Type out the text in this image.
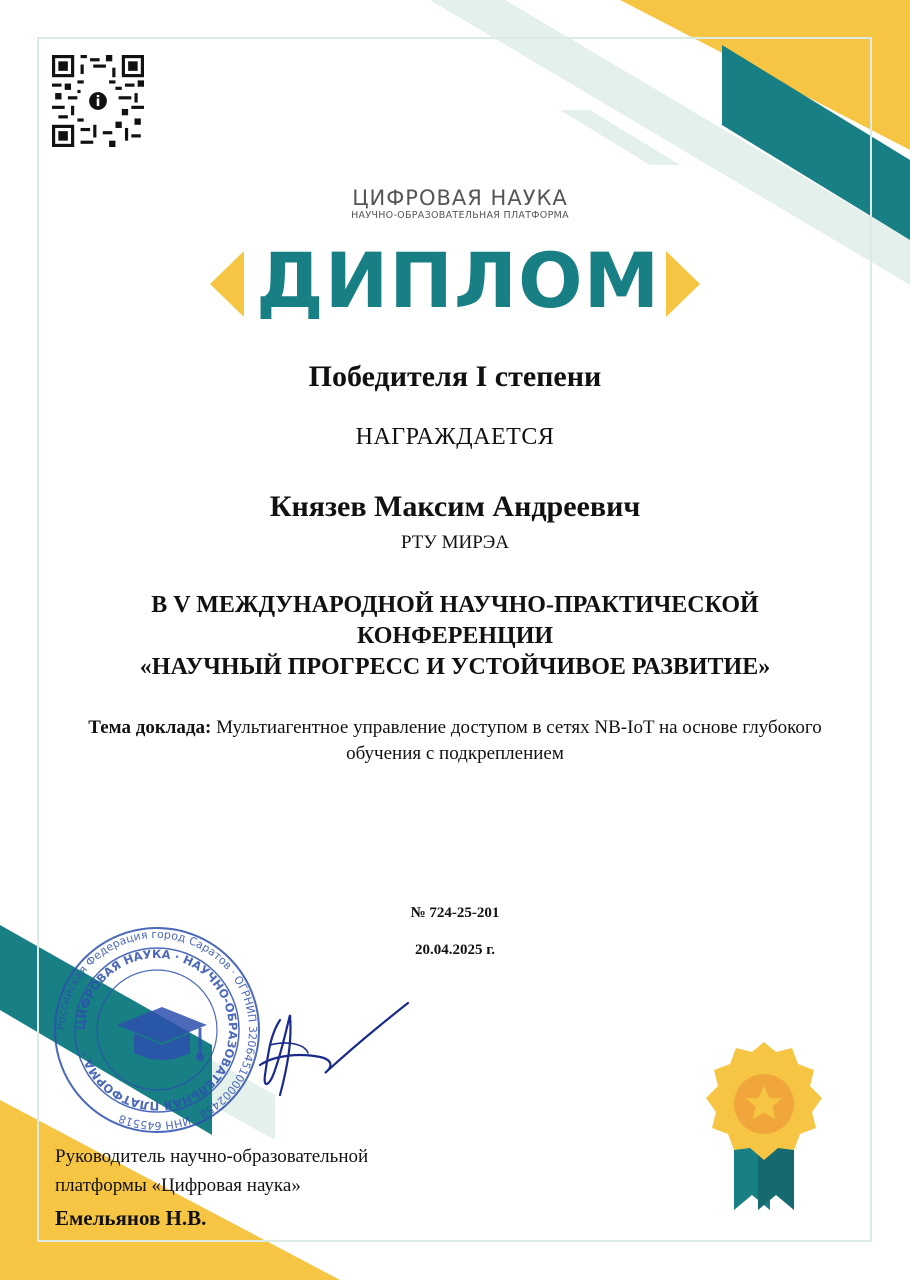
ЦИФРОВАЯ НАУКА
НАУЧНО-ОБРАЗОВАТЕЛЬНАЯ ПЛАТФОРМА
ДИПЛОМ
Победителя I степени
НАГРАЖДАЕТСЯ
Князев Максим Андреевич
РТУ МИРЭА
В V МЕЖДУНАРОДНОЙ НАУЧНО-ПРАКТИЧЕСКОЙ
КОНФЕРЕНЦИИ
«НАУЧНЫЙ ПРОГРЕСС И УСТОЙЧИВОЕ РАЗВИТИЕ»
Тема доклада: Мультиагентное управление доступом в сетях NB-IoT на основе глубокого обучения с подкреплением
№ 724-25-201
20.04.2025 г.
Российская Федерация город Саратов · ОГРНИП 320645100002458 · ИНН 645518
ЦИФРОВАЯ НАУКА · НАУЧНО-ОБРАЗОВАТЕЛЬНАЯ ПЛАТФОРМА ·
Руководитель научно-образовательной
платформы «Цифровая наука»
Емельянов Н.В.
